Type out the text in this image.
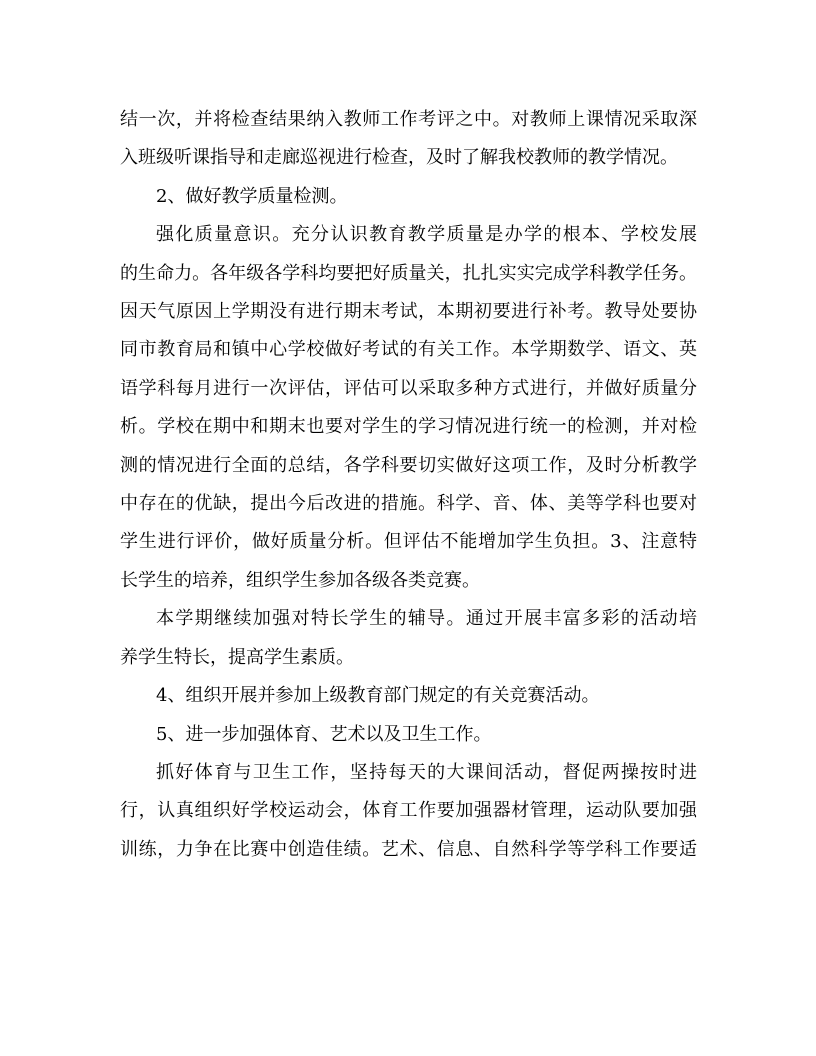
结一次，并将检查结果纳入教师工作考评之中。对教师上课情况采取深
入班级听课指导和走廊巡视进行检查，及时了解我校教师的教学情况。
2、做好教学质量检测。
强化质量意识。充分认识教育教学质量是办学的根本、学校发展
的生命力。各年级各学科均要把好质量关，扎扎实实完成学科教学任务。
因天气原因上学期没有进行期末考试，本期初要进行补考。教导处要协
同市教育局和镇中心学校做好考试的有关工作。本学期数学、语文、英
语学科每月进行一次评估，评估可以采取多种方式进行，并做好质量分
析。学校在期中和期末也要对学生的学习情况进行统一的检测，并对检
测的情况进行全面的总结，各学科要切实做好这项工作，及时分析教学
中存在的优缺，提出今后改进的措施。科学、音、体、美等学科也要对
学生进行评价，做好质量分析。但评估不能增加学生负担。3、注意特
长学生的培养，组织学生参加各级各类竞赛。
本学期继续加强对特长学生的辅导。通过开展丰富多彩的活动培
养学生特长，提高学生素质。
4、组织开展并参加上级教育部门规定的有关竞赛活动。
5、进一步加强体育、艺术以及卫生工作。
抓好体育与卫生工作，坚持每天的大课间活动，督促两操按时进
行，认真组织好学校运动会，体育工作要加强器材管理，运动队要加强
训练，力争在比赛中创造佳绩。艺术、信息、自然科学等学科工作要适
